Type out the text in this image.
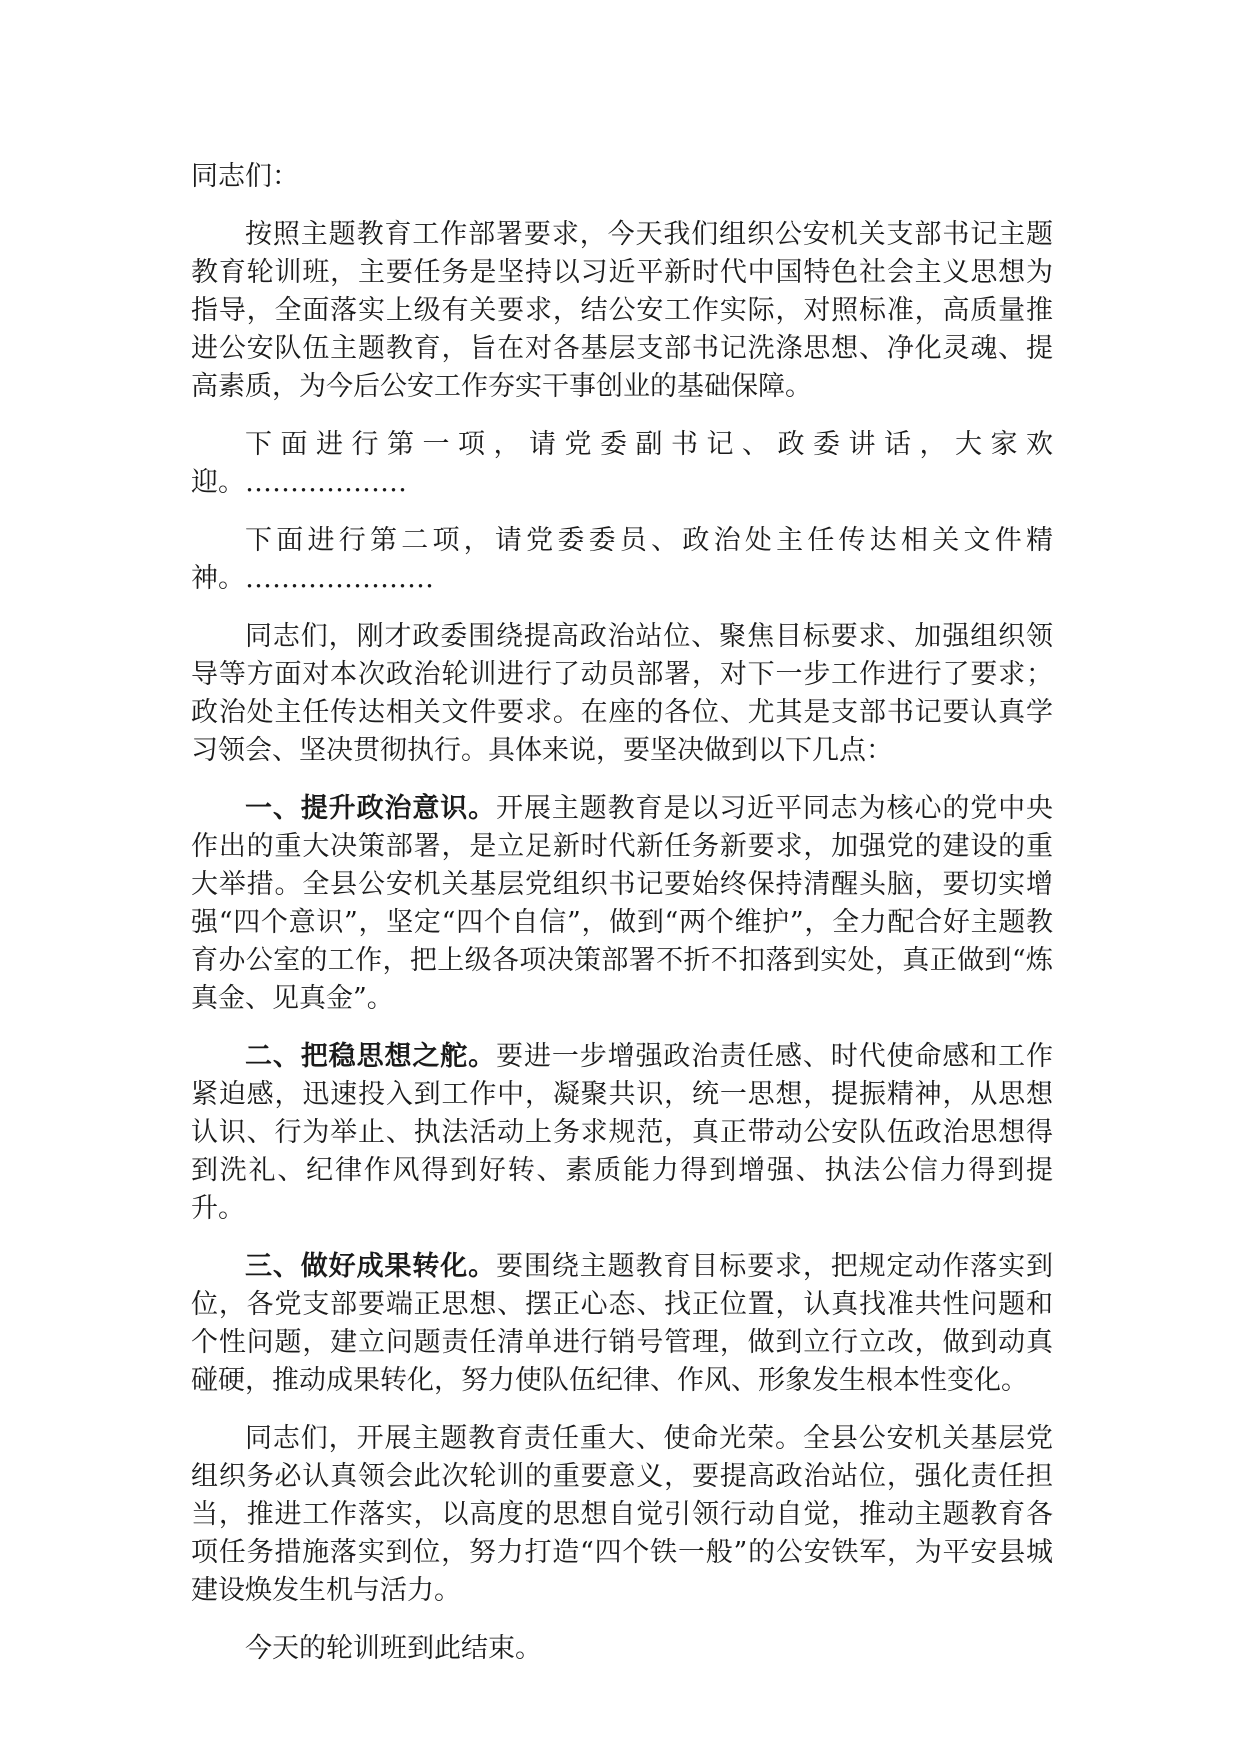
同志们：

按照主题教育工作部署要求，今天我们组织公安机关支部书记主题教育轮训班，主要任务是坚持以习近平新时代中国特色社会主义思想为指导，全面落实上级有关要求，结公安工作实际，对照标准，高质量推进公安队伍主题教育，旨在对各基层支部书记洗涤思想、净化灵魂、提高素质，为今后公安工作夯实干事创业的基础保障。

下面进行第一项，请党委副书记、政委讲话，大家欢迎。………………

下面进行第二项，请党委委员、政治处主任传达相关文件精神。…………………

同志们，刚才政委围绕提高政治站位、聚焦目标要求、加强组织领导等方面对本次政治轮训进行了动员部署，对下一步工作进行了要求；政治处主任传达相关文件要求。在座的各位、尤其是支部书记要认真学习领会、坚决贯彻执行。具体来说，要坚决做到以下几点：

一、提升政治意识。开展主题教育是以习近平同志为核心的党中央作出的重大决策部署，是立足新时代新任务新要求，加强党的建设的重大举措。全县公安机关基层党组织书记要始终保持清醒头脑，要切实增强“四个意识”，坚定“四个自信”，做到“两个维护”，全力配合好主题教育办公室的工作，把上级各项决策部署不折不扣落到实处，真正做到“炼真金、见真金”。

二、把稳思想之舵。要进一步增强政治责任感、时代使命感和工作紧迫感，迅速投入到工作中，凝聚共识，统一思想，提振精神，从思想认识、行为举止、执法活动上务求规范，真正带动公安队伍政治思想得到洗礼、纪律作风得到好转、素质能力得到增强、执法公信力得到提升。

三、做好成果转化。要围绕主题教育目标要求，把规定动作落实到位，各党支部要端正思想、摆正心态、找正位置，认真找准共性问题和个性问题，建立问题责任清单进行销号管理，做到立行立改，做到动真碰硬，推动成果转化，努力使队伍纪律、作风、形象发生根本性变化。

同志们，开展主题教育责任重大、使命光荣。全县公安机关基层党组织务必认真领会此次轮训的重要意义，要提高政治站位，强化责任担当，推进工作落实，以高度的思想自觉引领行动自觉，推动主题教育各项任务措施落实到位，努力打造“四个铁一般”的公安铁军，为平安县城建设焕发生机与活力。

今天的轮训班到此结束。
